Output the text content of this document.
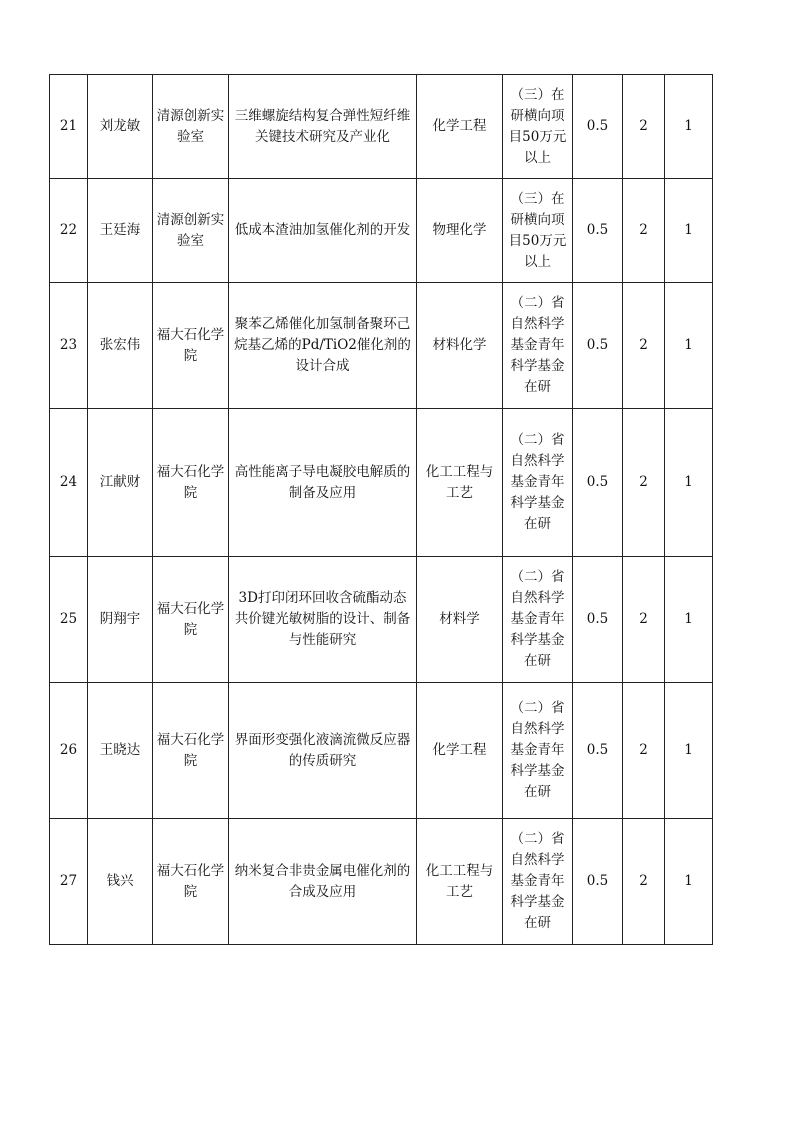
21	刘龙敏	清源创新实验室	三维螺旋结构复合弹性短纤维关键技术研究及产业化	化学工程	（三）在研横向项目50万元以上	0.5	2	1
22	王廷海	清源创新实验室	低成本渣油加氢催化剂的开发	物理化学	（三）在研横向项目50万元以上	0.5	2	1
23	张宏伟	福大石化学院	聚苯乙烯催化加氢制备聚环己烷基乙烯的Pd/TiO2催化剂的设计合成	材料化学	（二）省自然科学基金青年科学基金在研	0.5	2	1
24	江献财	福大石化学院	高性能离子导电凝胶电解质的制备及应用	化工工程与工艺	（二）省自然科学基金青年科学基金在研	0.5	2	1
25	阴翔宇	福大石化学院	3D打印闭环回收含硫酯动态共价键光敏树脂的设计、制备与性能研究	材料学	（二）省自然科学基金青年科学基金在研	0.5	2	1
26	王晓达	福大石化学院	界面形变强化液滴流微反应器的传质研究	化学工程	（二）省自然科学基金青年科学基金在研	0.5	2	1
27	钱兴	福大石化学院	纳米复合非贵金属电催化剂的合成及应用	化工工程与工艺	（二）省自然科学基金青年科学基金在研	0.5	2	1
